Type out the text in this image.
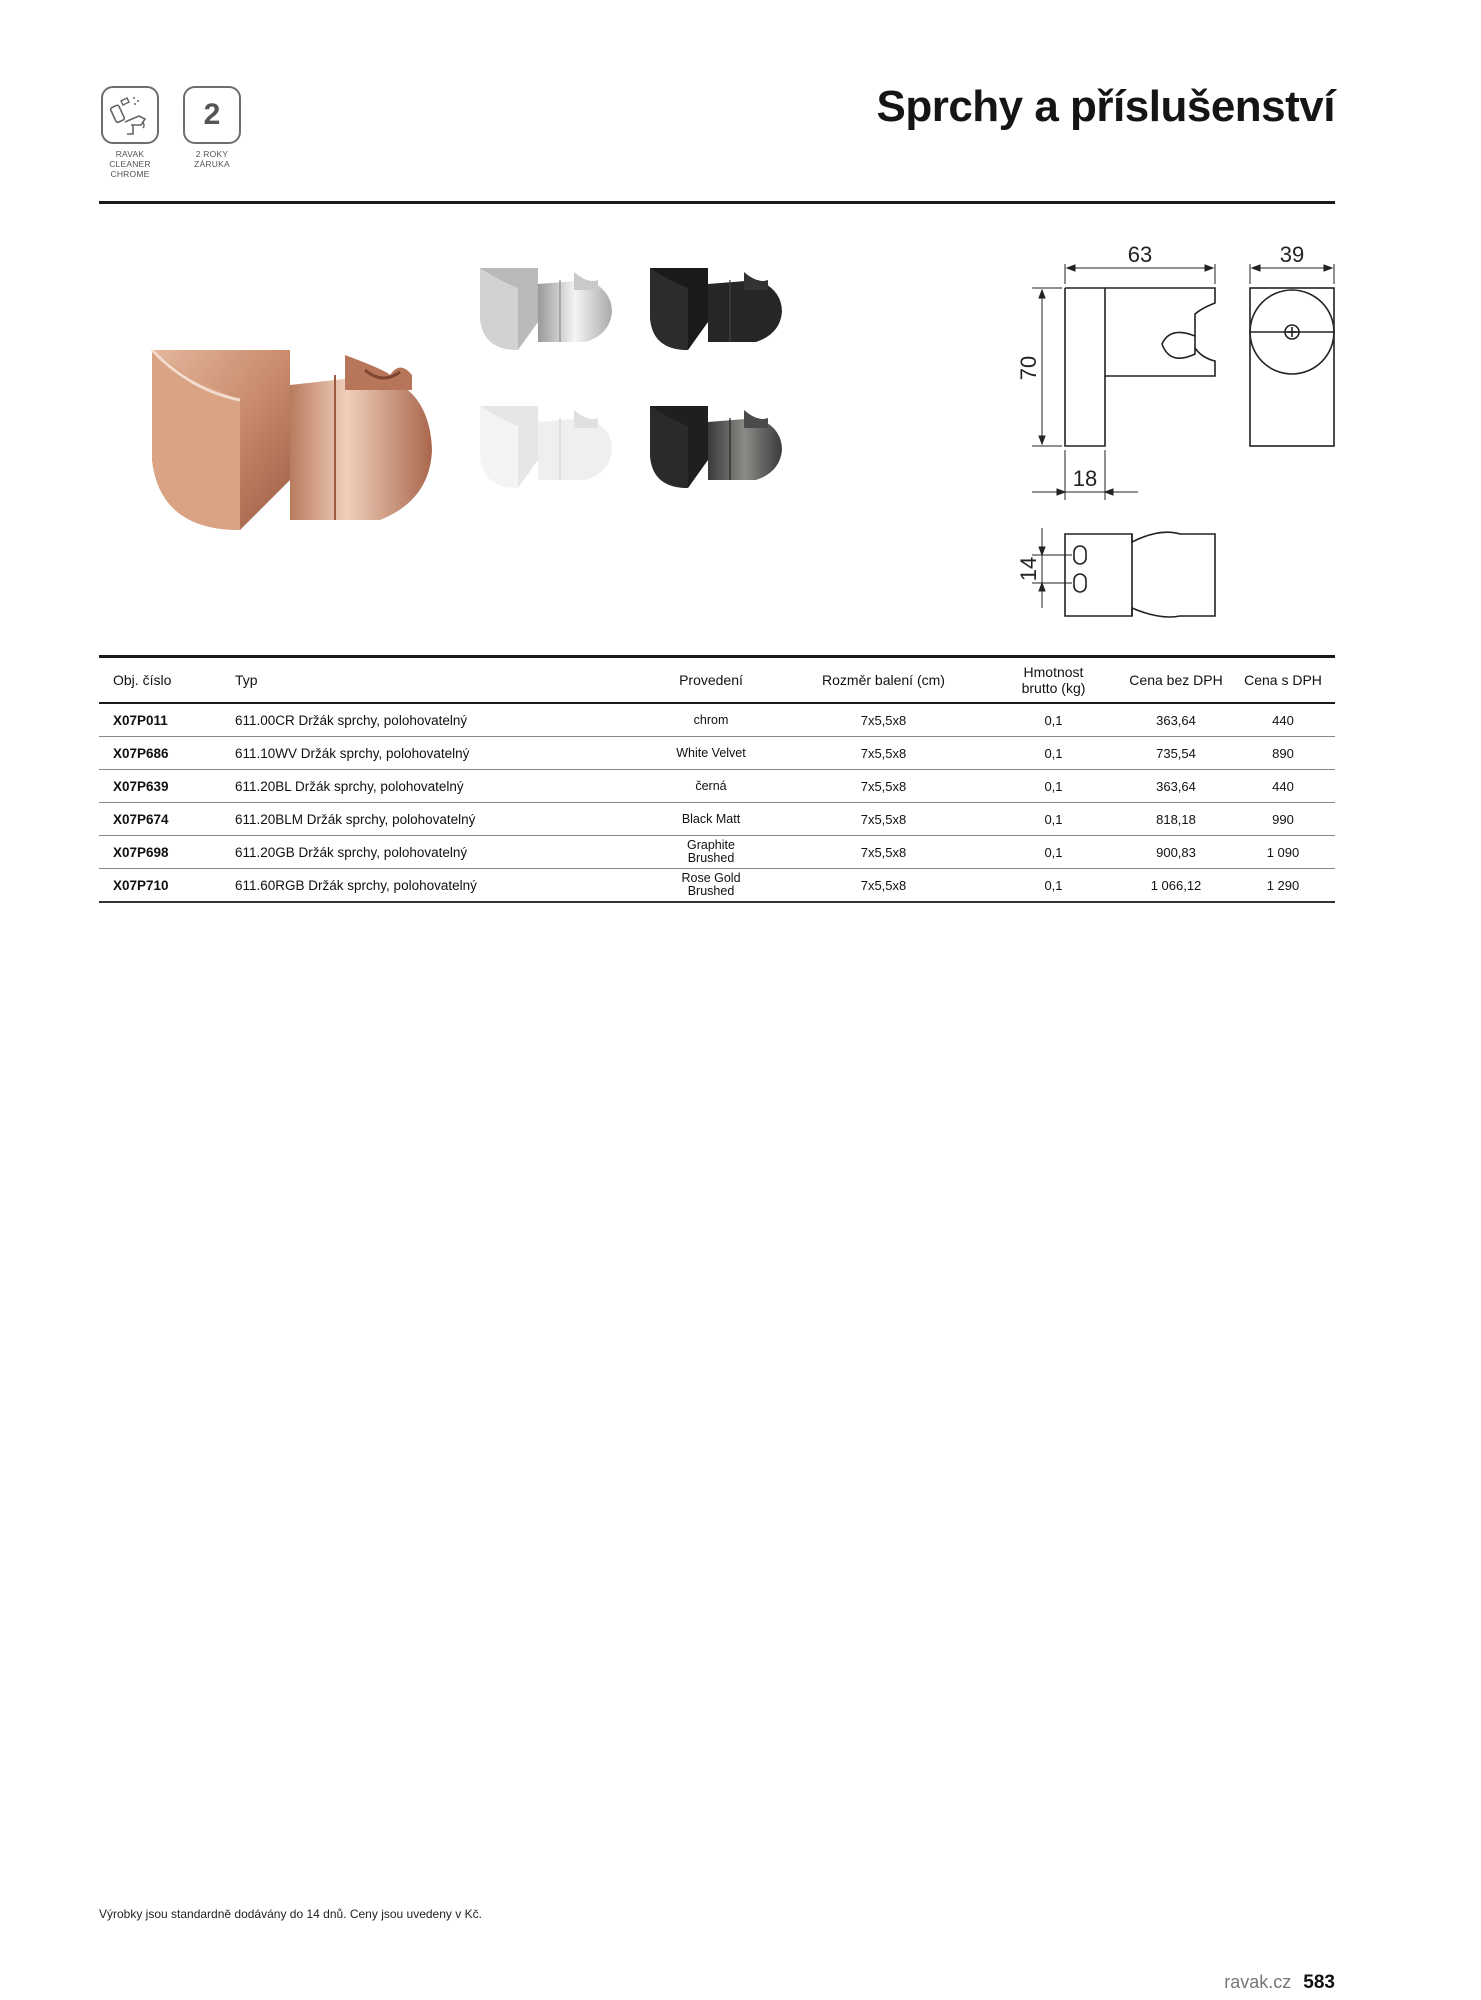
RAVAK
CLEANER
CHROME
2
2 ROKY
ZÁRUKA
Sprchy a příslušenství
63	39
70
18
14
Obj. číslo	Typ	Provedení	Rozměr balení (cm)	Hmotnost
brutto (kg)	Cena bez DPH	Cena s DPH
X07P011	611.00CR Držák sprchy, polohovatelný	chrom	7x5,5x8	0,1	363,64	440
X07P686	611.10WV Držák sprchy, polohovatelný	White Velvet	7x5,5x8	0,1	735,54	890
X07P639	611.20BL Držák sprchy, polohovatelný	černá	7x5,5x8	0,1	363,64	440
X07P674	611.20BLM Držák sprchy, polohovatelný	Black Matt	7x5,5x8	0,1	818,18	990
X07P698	611.20GB Držák sprchy, polohovatelný	Graphite
Brushed	7x5,5x8	0,1	900,83	1 090
X07P710	611.60RGB Držák sprchy, polohovatelný	Rose Gold
Brushed	7x5,5x8	0,1	1 066,12	1 290
Výrobky jsou standardně dodávány do 14 dnů. Ceny jsou uvedeny v Kč.
ravak.cz 583
